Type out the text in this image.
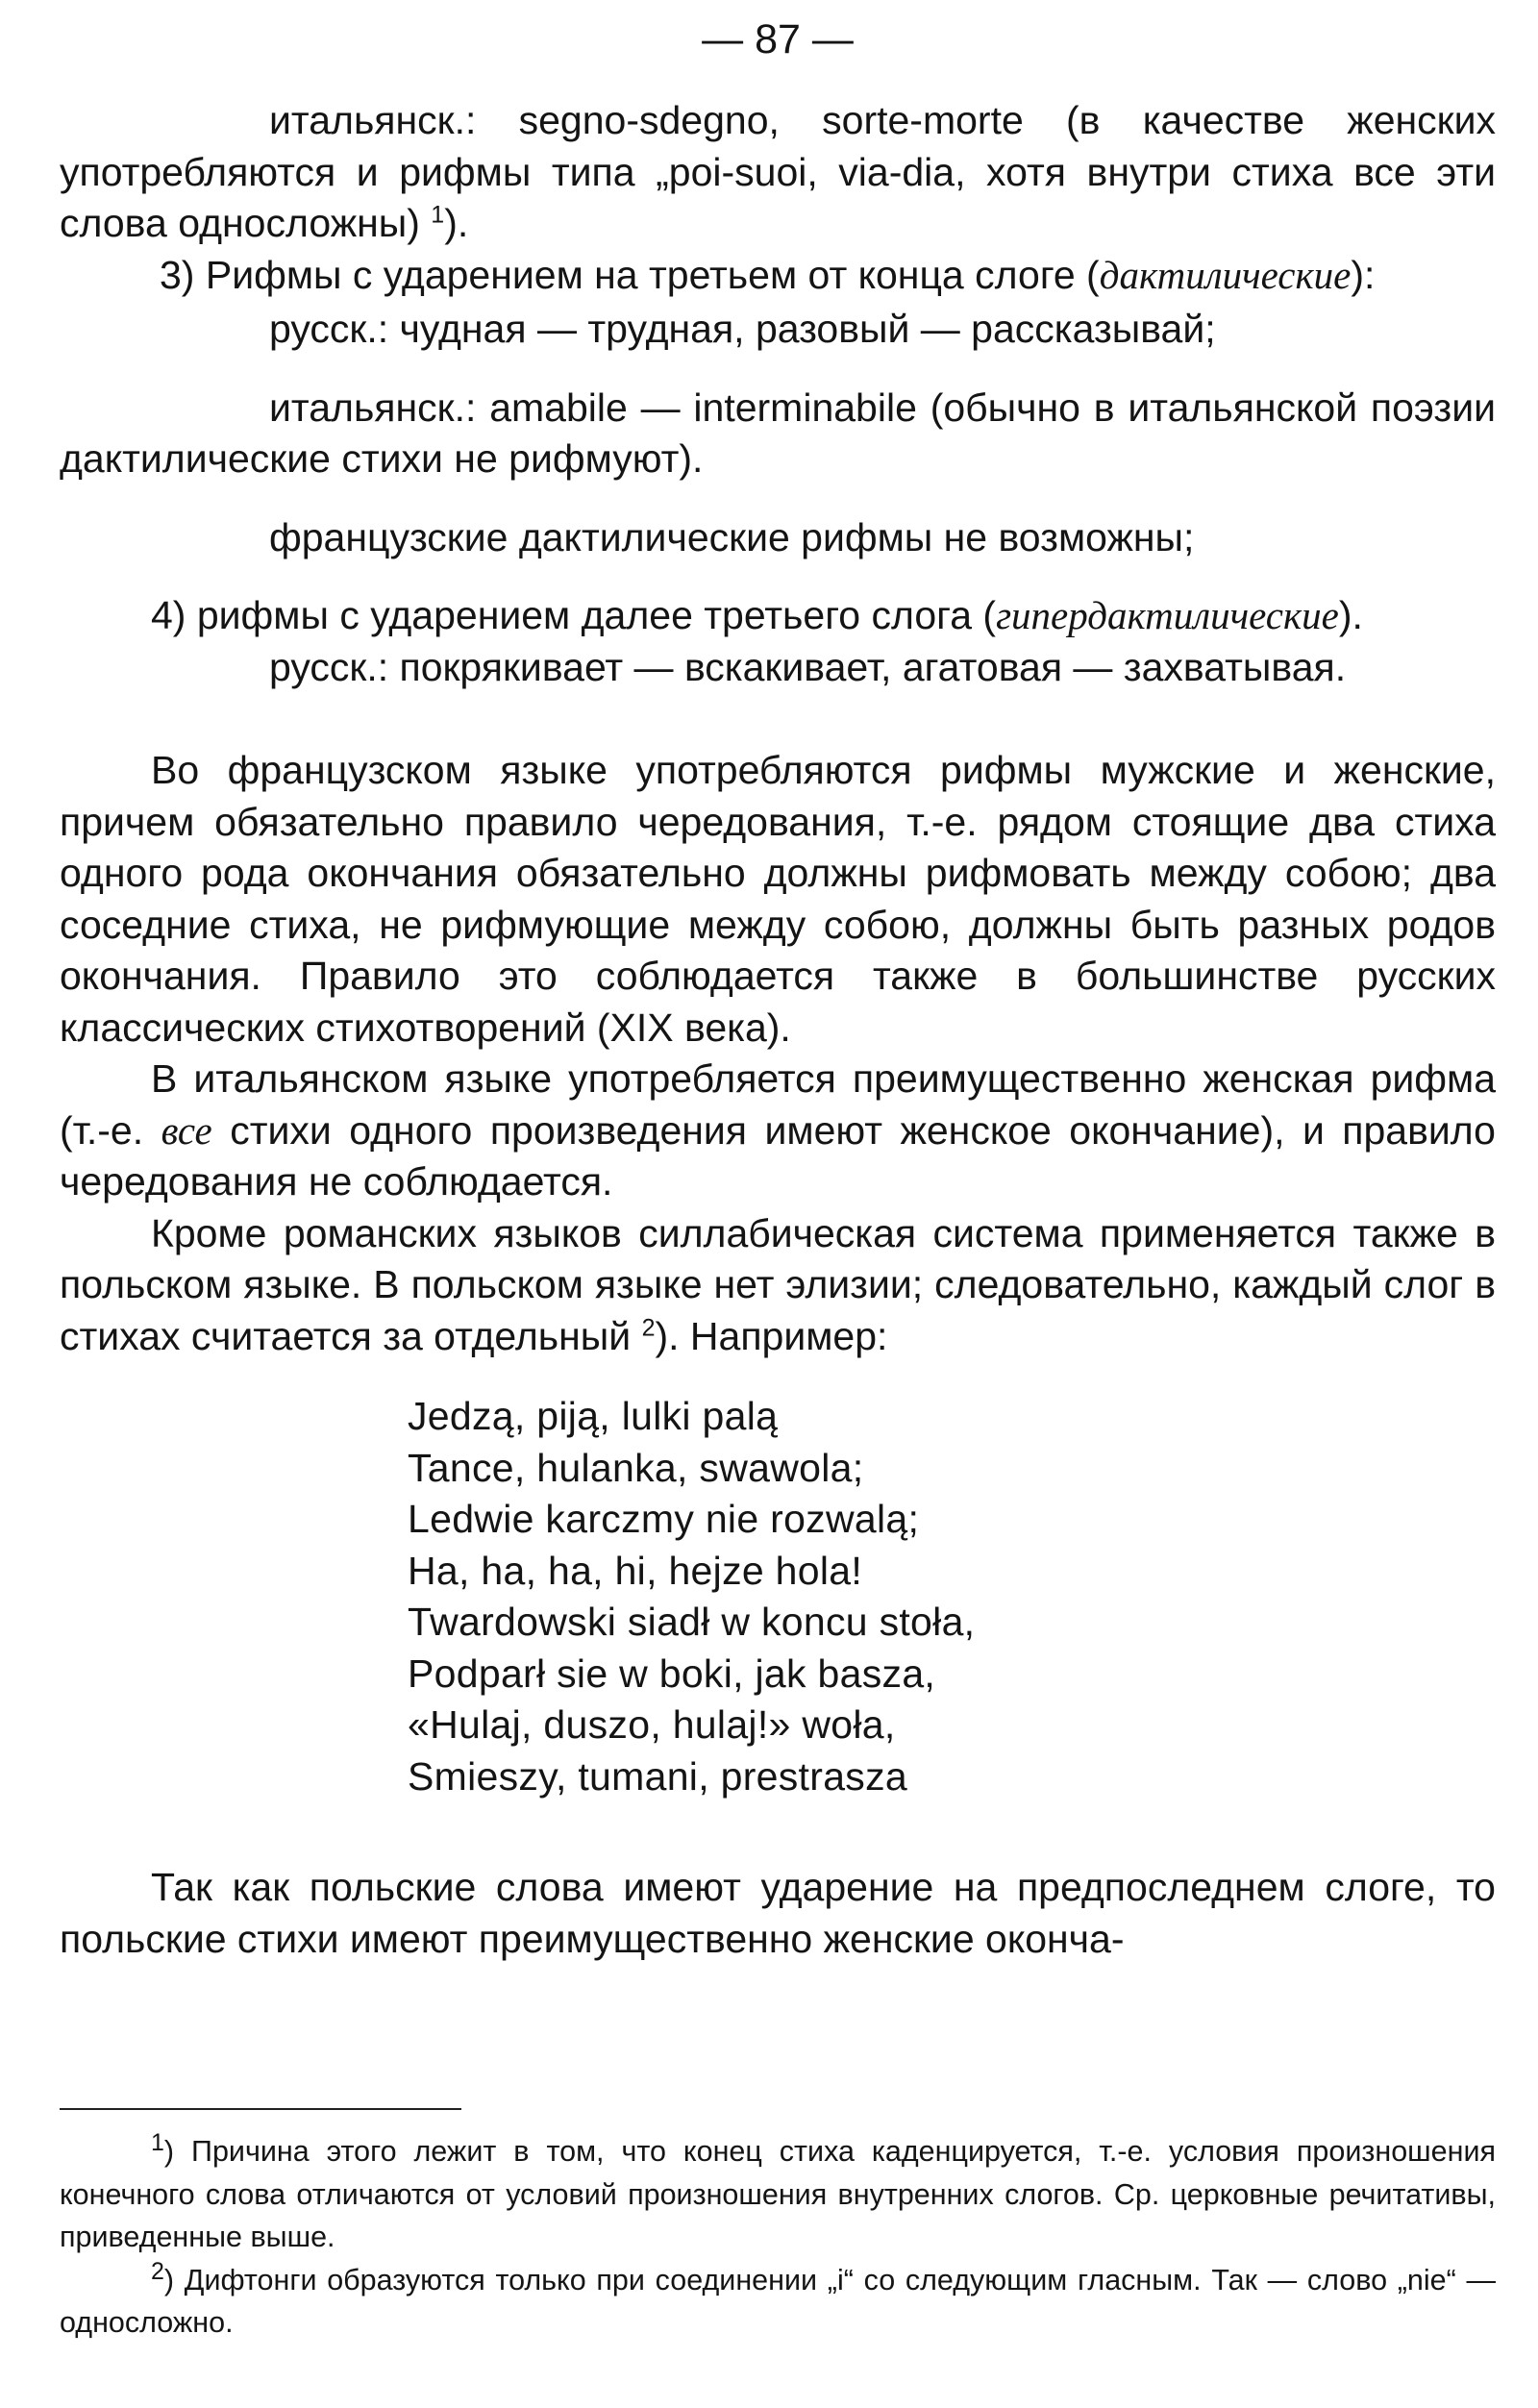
— 87 —

итальянск.: segno-sdegno, sorte-morte (в качестве женских употребляются и рифмы типа „poi-suoi, via-dia, хотя внутри стиха все эти слова односложны) $^1$).

3) Рифмы с ударением на третьем от конца слоге (дактилические):

русск.: чудная — трудная, разовый — рассказывай;

итальянск.: amabile — interminabile (обычно в итальянской поэзии дактилические стихи не рифмуют).

французские дактилические рифмы не возможны;

4) рифмы с ударением далее третьего слога (гипердактилические).

русск.: покрякивает — вскакивает, агатовая — захватывая.

Во французском языке употребляются рифмы мужские и женские, причем обязательно правило чередования, т.-е. рядом стоящие два стиха одного рода окончания обязательно должны рифмовать между собою; два соседние стиха, не рифмующие между собою, должны быть разных родов окончания. Правило это соблюдается также в большинстве русских классических стихотворений (XIX века).

В итальянском языке употребляется преимущественно женская рифма (т.-е. все стихи одного произведения имеют женское окончание), и правило чередования не соблюдается.

Кроме романских языков силлабическая система применяется также в польском языке. В польском языке нет элизии; следовательно, каждый слог в стихах считается за отдельный $^2$). Например:

Jedzą, piją, lulki palą
Tance, hulanka, swawola;
Ledwie karczmy nie rozwalą;
Ha, ha, ha, hi, hejze hola!
Twardowski siadł w koncu stoła,
Podparł sie w boki, jak basza,
«Hulaj, duszo, hulaj!» woła,
Smieszy, tumani, prestrasza

Так как польские слова имеют ударение на предпоследнем слоге, то польские стихи имеют преимущественно женские оконча-

$^1$) Причина этого лежит в том, что конец стиха каденцируется, т.-е. условия произношения конечного слова отличаются от условий произношения внутренних слогов. Ср. церковные речитативы, приведенные выше.

$^2$) Дифтонги образуются только при соединении „i“ со следующим гласным. Так — слово „nie“ — односложно.
